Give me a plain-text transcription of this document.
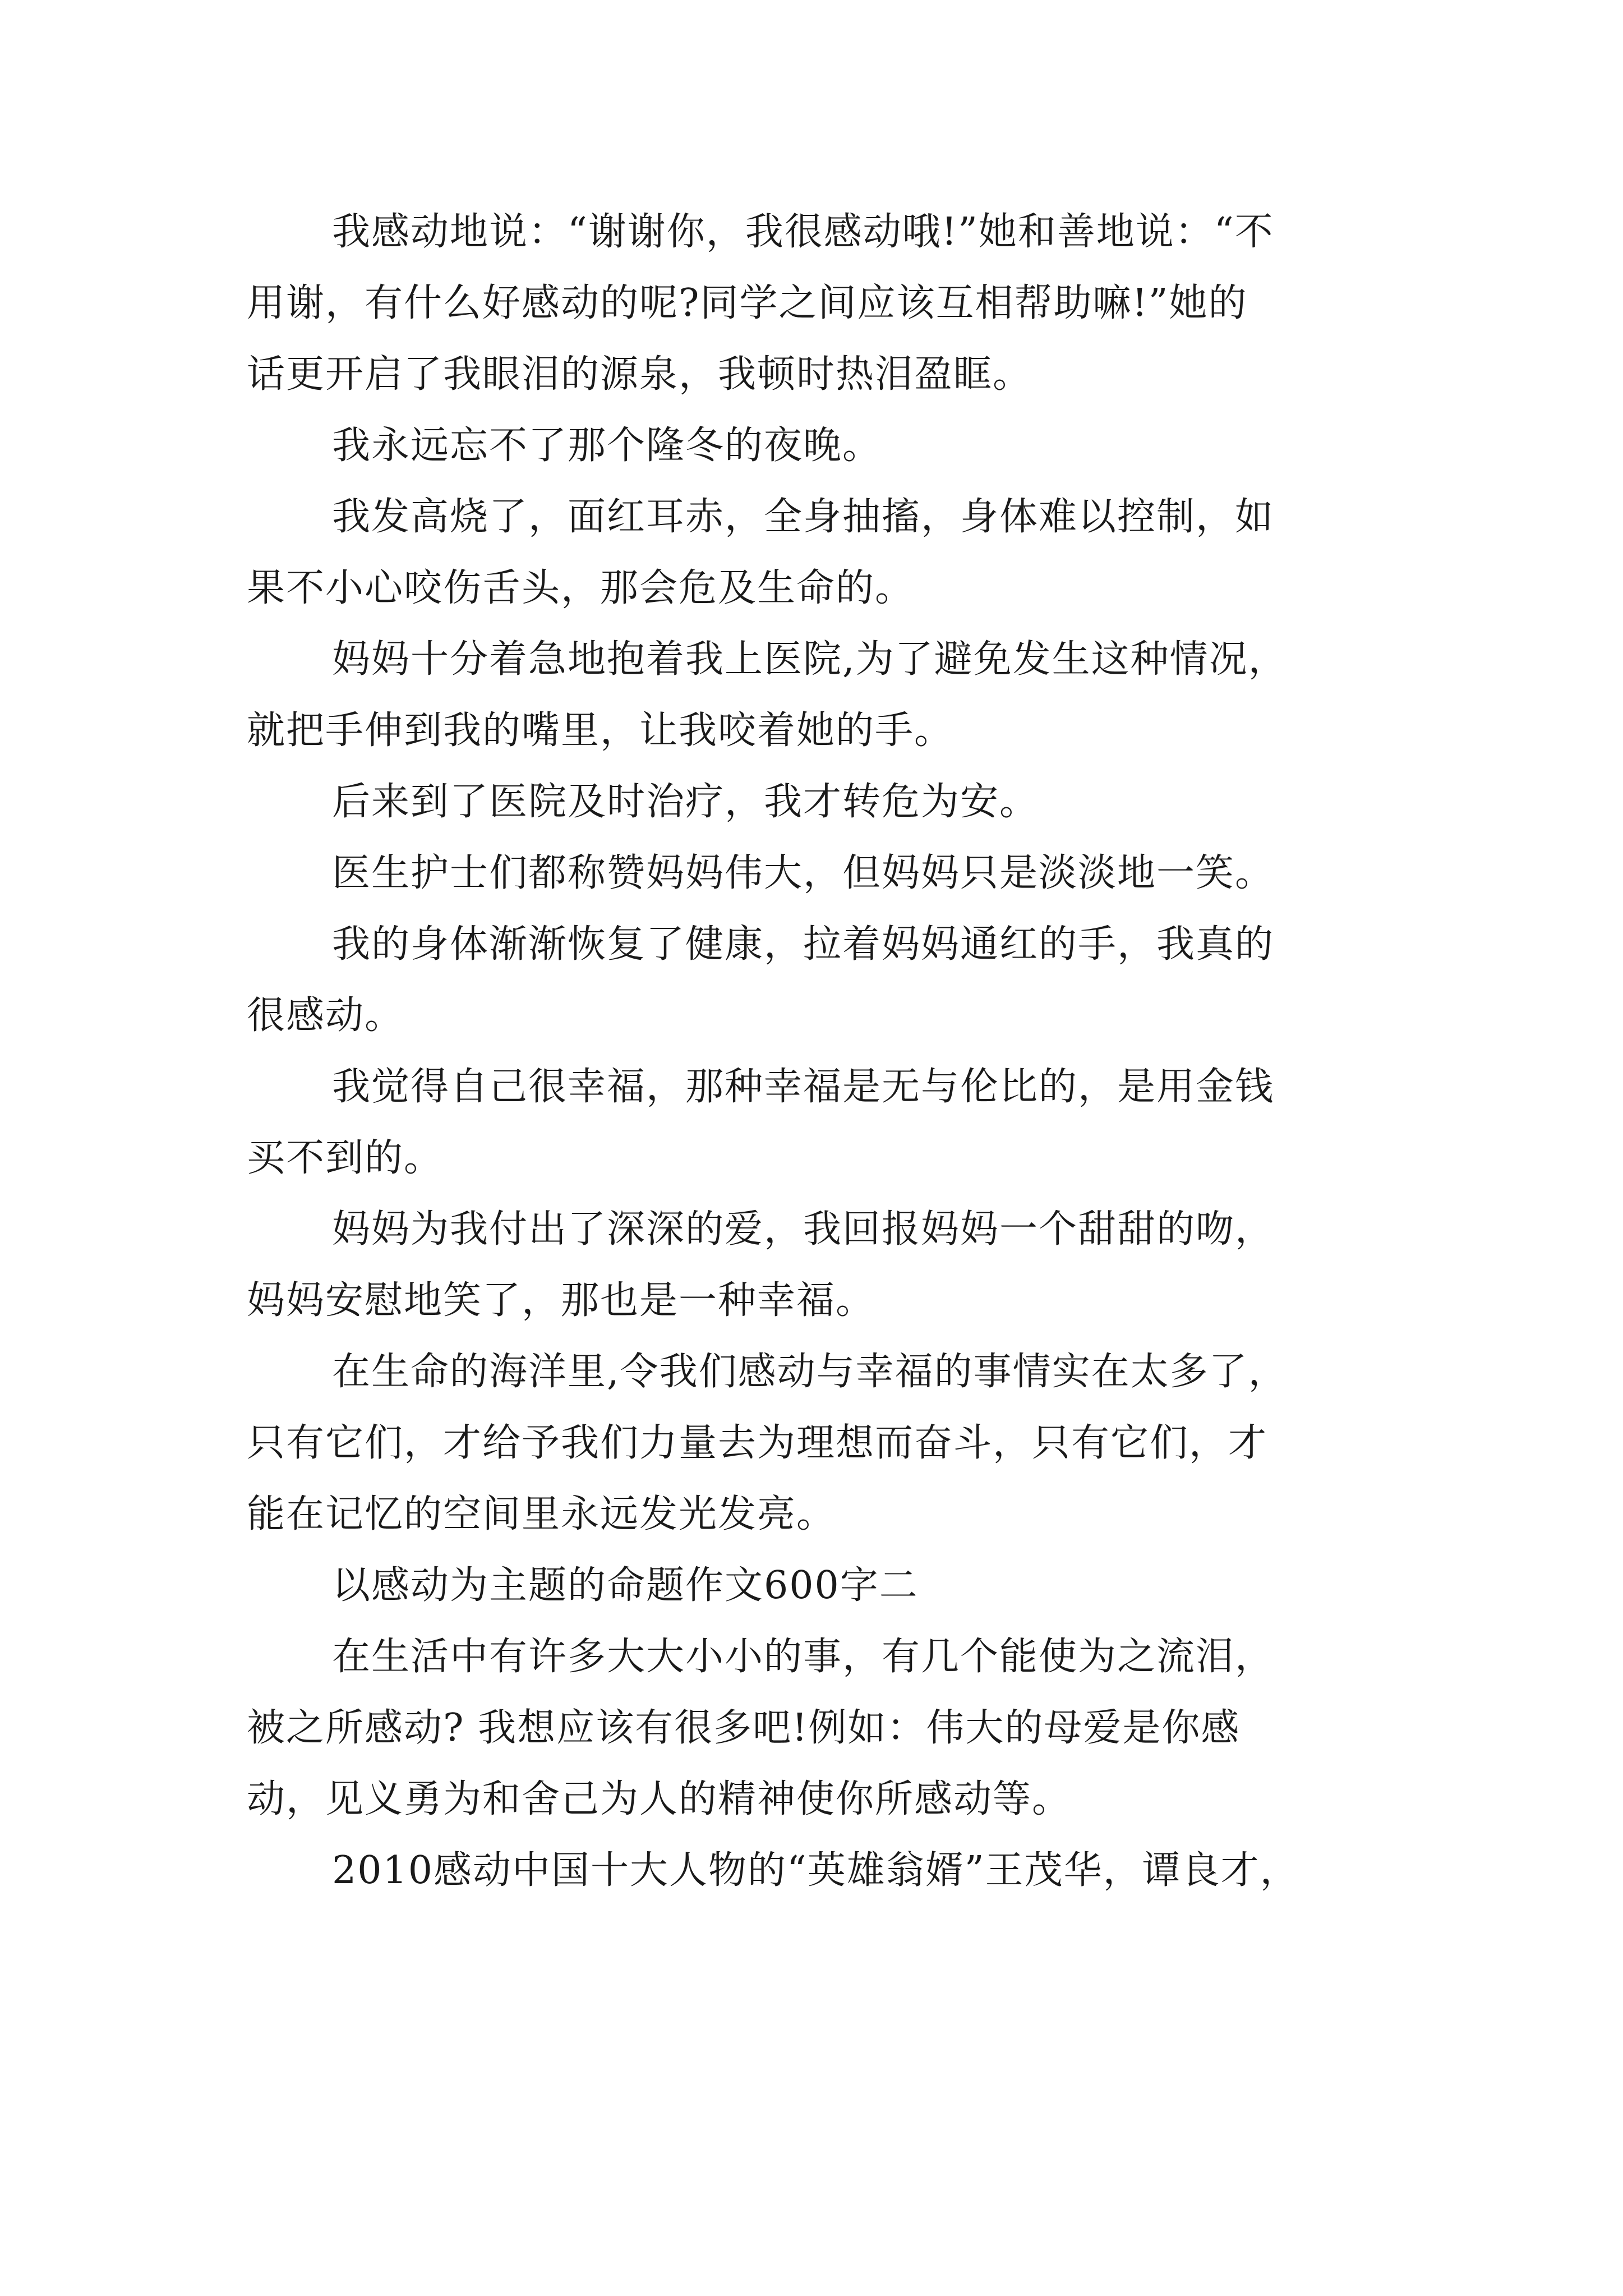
我感动地说：“谢谢你，我很感动哦!”她和善地说：“不
用谢，有什么好感动的呢?同学之间应该互相帮助嘛!”她的
话更开启了我眼泪的源泉，我顿时热泪盈眶。
我永远忘不了那个隆冬的夜晚。
我发高烧了，面红耳赤，全身抽搐，身体难以控制，如
果不小心咬伤舌头，那会危及生命的。
妈妈十分着急地抱着我上医院,为了避免发生这种情况，
就把手伸到我的嘴里，让我咬着她的手。
后来到了医院及时治疗，我才转危为安。
医生护士们都称赞妈妈伟大，但妈妈只是淡淡地一笑。
我的身体渐渐恢复了健康，拉着妈妈通红的手，我真的
很感动。
我觉得自己很幸福，那种幸福是无与伦比的，是用金钱
买不到的。
妈妈为我付出了深深的爱，我回报妈妈一个甜甜的吻，
妈妈安慰地笑了，那也是一种幸福。
在生命的海洋里,令我们感动与幸福的事情实在太多了，
只有它们，才给予我们力量去为理想而奋斗，只有它们，才
能在记忆的空间里永远发光发亮。
以感动为主题的命题作文600字二
在生活中有许多大大小小的事，有几个能使为之流泪，
被之所感动? 我想应该有很多吧!例如：伟大的母爱是你感
动，见义勇为和舍己为人的精神使你所感动等。
2010感动中国十大人物的“英雄翁婿”王茂华，谭良才，
